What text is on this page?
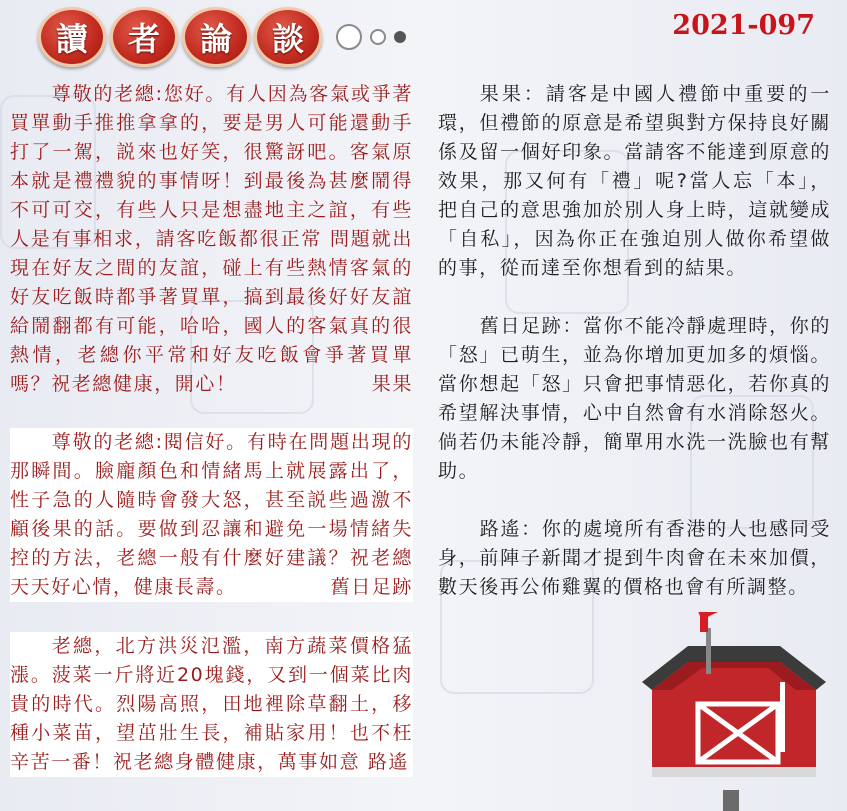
讀	者	論	談	2021-097

尊敬的老總:您好。有人因為客氣或爭著買單動手推推拿拿的，要是男人可能還動手打了一駕，説來也好笑，很驚訝吧。客氣原本就是禮禮貌的事情呀！到最後為甚麼鬧得不可可交，有些人只是想盡地主之誼，有些人是有事相求，請客吃飯都很正常 問題就出現在好友之間的友誼，碰上有些熱情客氣的好友吃飯時都爭著買單，搞到最後好好友誼給鬧翻都有可能，哈哈，國人的客氣真的很熱情，老總你平常和好友吃飯會爭著買單嗎？祝老總健康，開心！	果果

尊敬的老總:閱信好。有時在問題出現的那瞬間。臉龐顏色和情緒馬上就展露出了，性子急的人隨時會發大怒，甚至説些過激不顧後果的話。要做到忍讓和避免一場情緒失控的方法，老總一般有什麼好建議？祝老總天天好心情，健康長壽。	舊日足跡

老總，北方洪災氾濫，南方蔬菜價格猛漲。菠菜一斤將近20塊錢，又到一個菜比肉貴的時代。烈陽高照，田地裡除草翻土，移種小菜苗，望茁壯生長，補貼家用！也不枉辛苦一番！祝老總身體健康，萬事如意 路遙

果果：請客是中國人禮節中重要的一環，但禮節的原意是希望與對方保持良好關係及留一個好印象。當請客不能達到原意的效果，那又何有「禮」呢?當人忘「本」，把自己的意思強加於別人身上時，這就變成「自私」，因為你正在強迫別人做你希望做的事，從而達至你想看到的結果。

舊日足跡：當你不能冷靜處理時，你的「怒」已萌生，並為你增加更加多的煩惱。當你想起「怒」只會把事情惡化，若你真的希望解決事情，心中自然會有水消除怒火。倘若仍未能冷靜，簡單用水洗一洗臉也有幫助。

路遙：你的處境所有香港的人也感同受身，前陣子新聞才提到牛肉會在未來加價，數天後再公佈雞翼的價格也會有所調整。
